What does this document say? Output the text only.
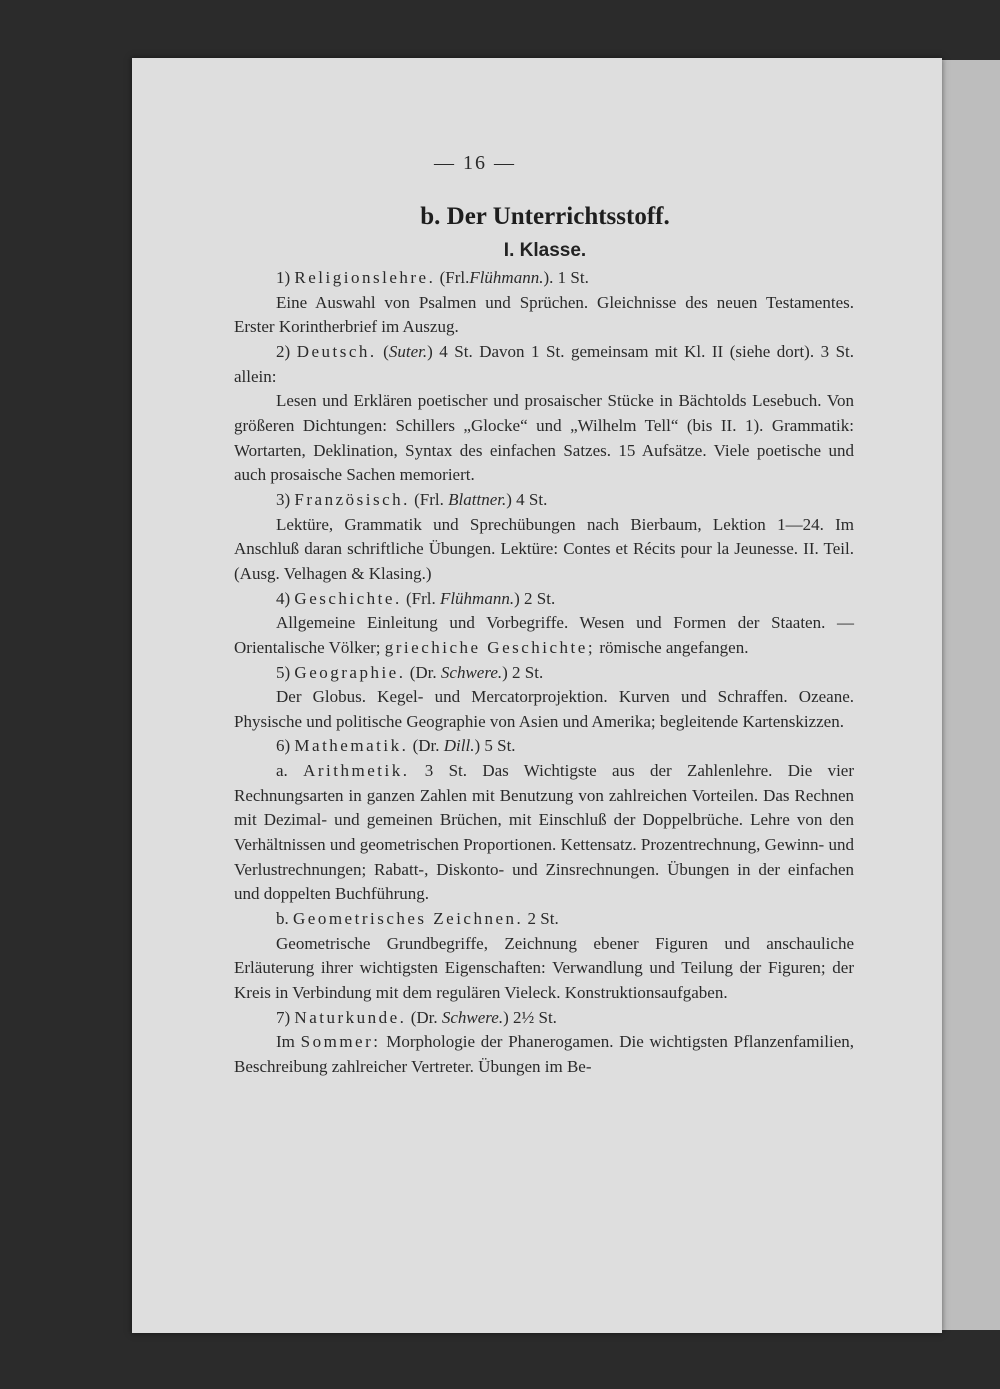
— 16 —
b. Der Unterrichtsstoff.
I. Klasse.

1) Religionslehre. (Frl.Flühmann.). 1 St.

Eine Auswahl von Psalmen und Sprüchen. Gleichnisse des neuen Testamentes. Erster Korintherbrief im Auszug.

2) Deutsch. (Suter.) 4 St. Davon 1 St. gemeinsam mit Kl. II (siehe dort). 3 St. allein:

Lesen und Erklären poetischer und prosaischer Stücke in Bächtolds Lesebuch. Von größeren Dichtungen: Schillers „Glocke“ und „Wilhelm Tell“ (bis II. 1). Grammatik: Wortarten, Deklination, Syntax des einfachen Satzes. 15 Aufsätze. Viele poetische und auch prosaische Sachen memoriert.

3) Französisch. (Frl. Blattner.) 4 St.

Lektüre, Grammatik und Sprechübungen nach Bierbaum, Lektion 1—24. Im Anschluß daran schriftliche Übungen. Lektüre: Contes et Récits pour la Jeunesse. II. Teil. (Ausg. Velhagen & Klasing.)

4) Geschichte. (Frl. Flühmann.) 2 St.

Allgemeine Einleitung und Vorbegriffe. Wesen und Formen der Staaten. — Orientalische Völker; griechiche Geschichte; römische angefangen.

5) Geographie. (Dr. Schwere.) 2 St.

Der Globus. Kegel- und Mercatorprojektion. Kurven und Schraffen. Ozeane. Physische und politische Geographie von Asien und Amerika; begleitende Kartenskizzen.

6) Mathematik. (Dr. Dill.) 5 St.

a. Arithmetik. 3 St. Das Wichtigste aus der Zahlenlehre. Die vier Rechnungsarten in ganzen Zahlen mit Benutzung von zahlreichen Vorteilen. Das Rechnen mit Dezimal- und gemeinen Brüchen, mit Einschluß der Doppelbrüche. Lehre von den Verhältnissen und geometrischen Proportionen. Kettensatz. Prozentrechnung, Gewinn- und Verlustrechnungen; Rabatt-, Diskonto- und Zinsrechnungen. Übungen in der einfachen und doppelten Buchführung.

b. Geometrisches Zeichnen. 2 St.

Geometrische Grundbegriffe, Zeichnung ebener Figuren und anschauliche Erläuterung ihrer wichtigsten Eigenschaften: Verwandlung und Teilung der Figuren; der Kreis in Verbindung mit dem regulären Vieleck. Konstruktionsaufgaben.

7) Naturkunde. (Dr. Schwere.) 2½ St.

Im Sommer: Morphologie der Phanerogamen. Die wichtigsten Pflanzenfamilien, Beschreibung zahlreicher Vertreter. Übungen im Be-
